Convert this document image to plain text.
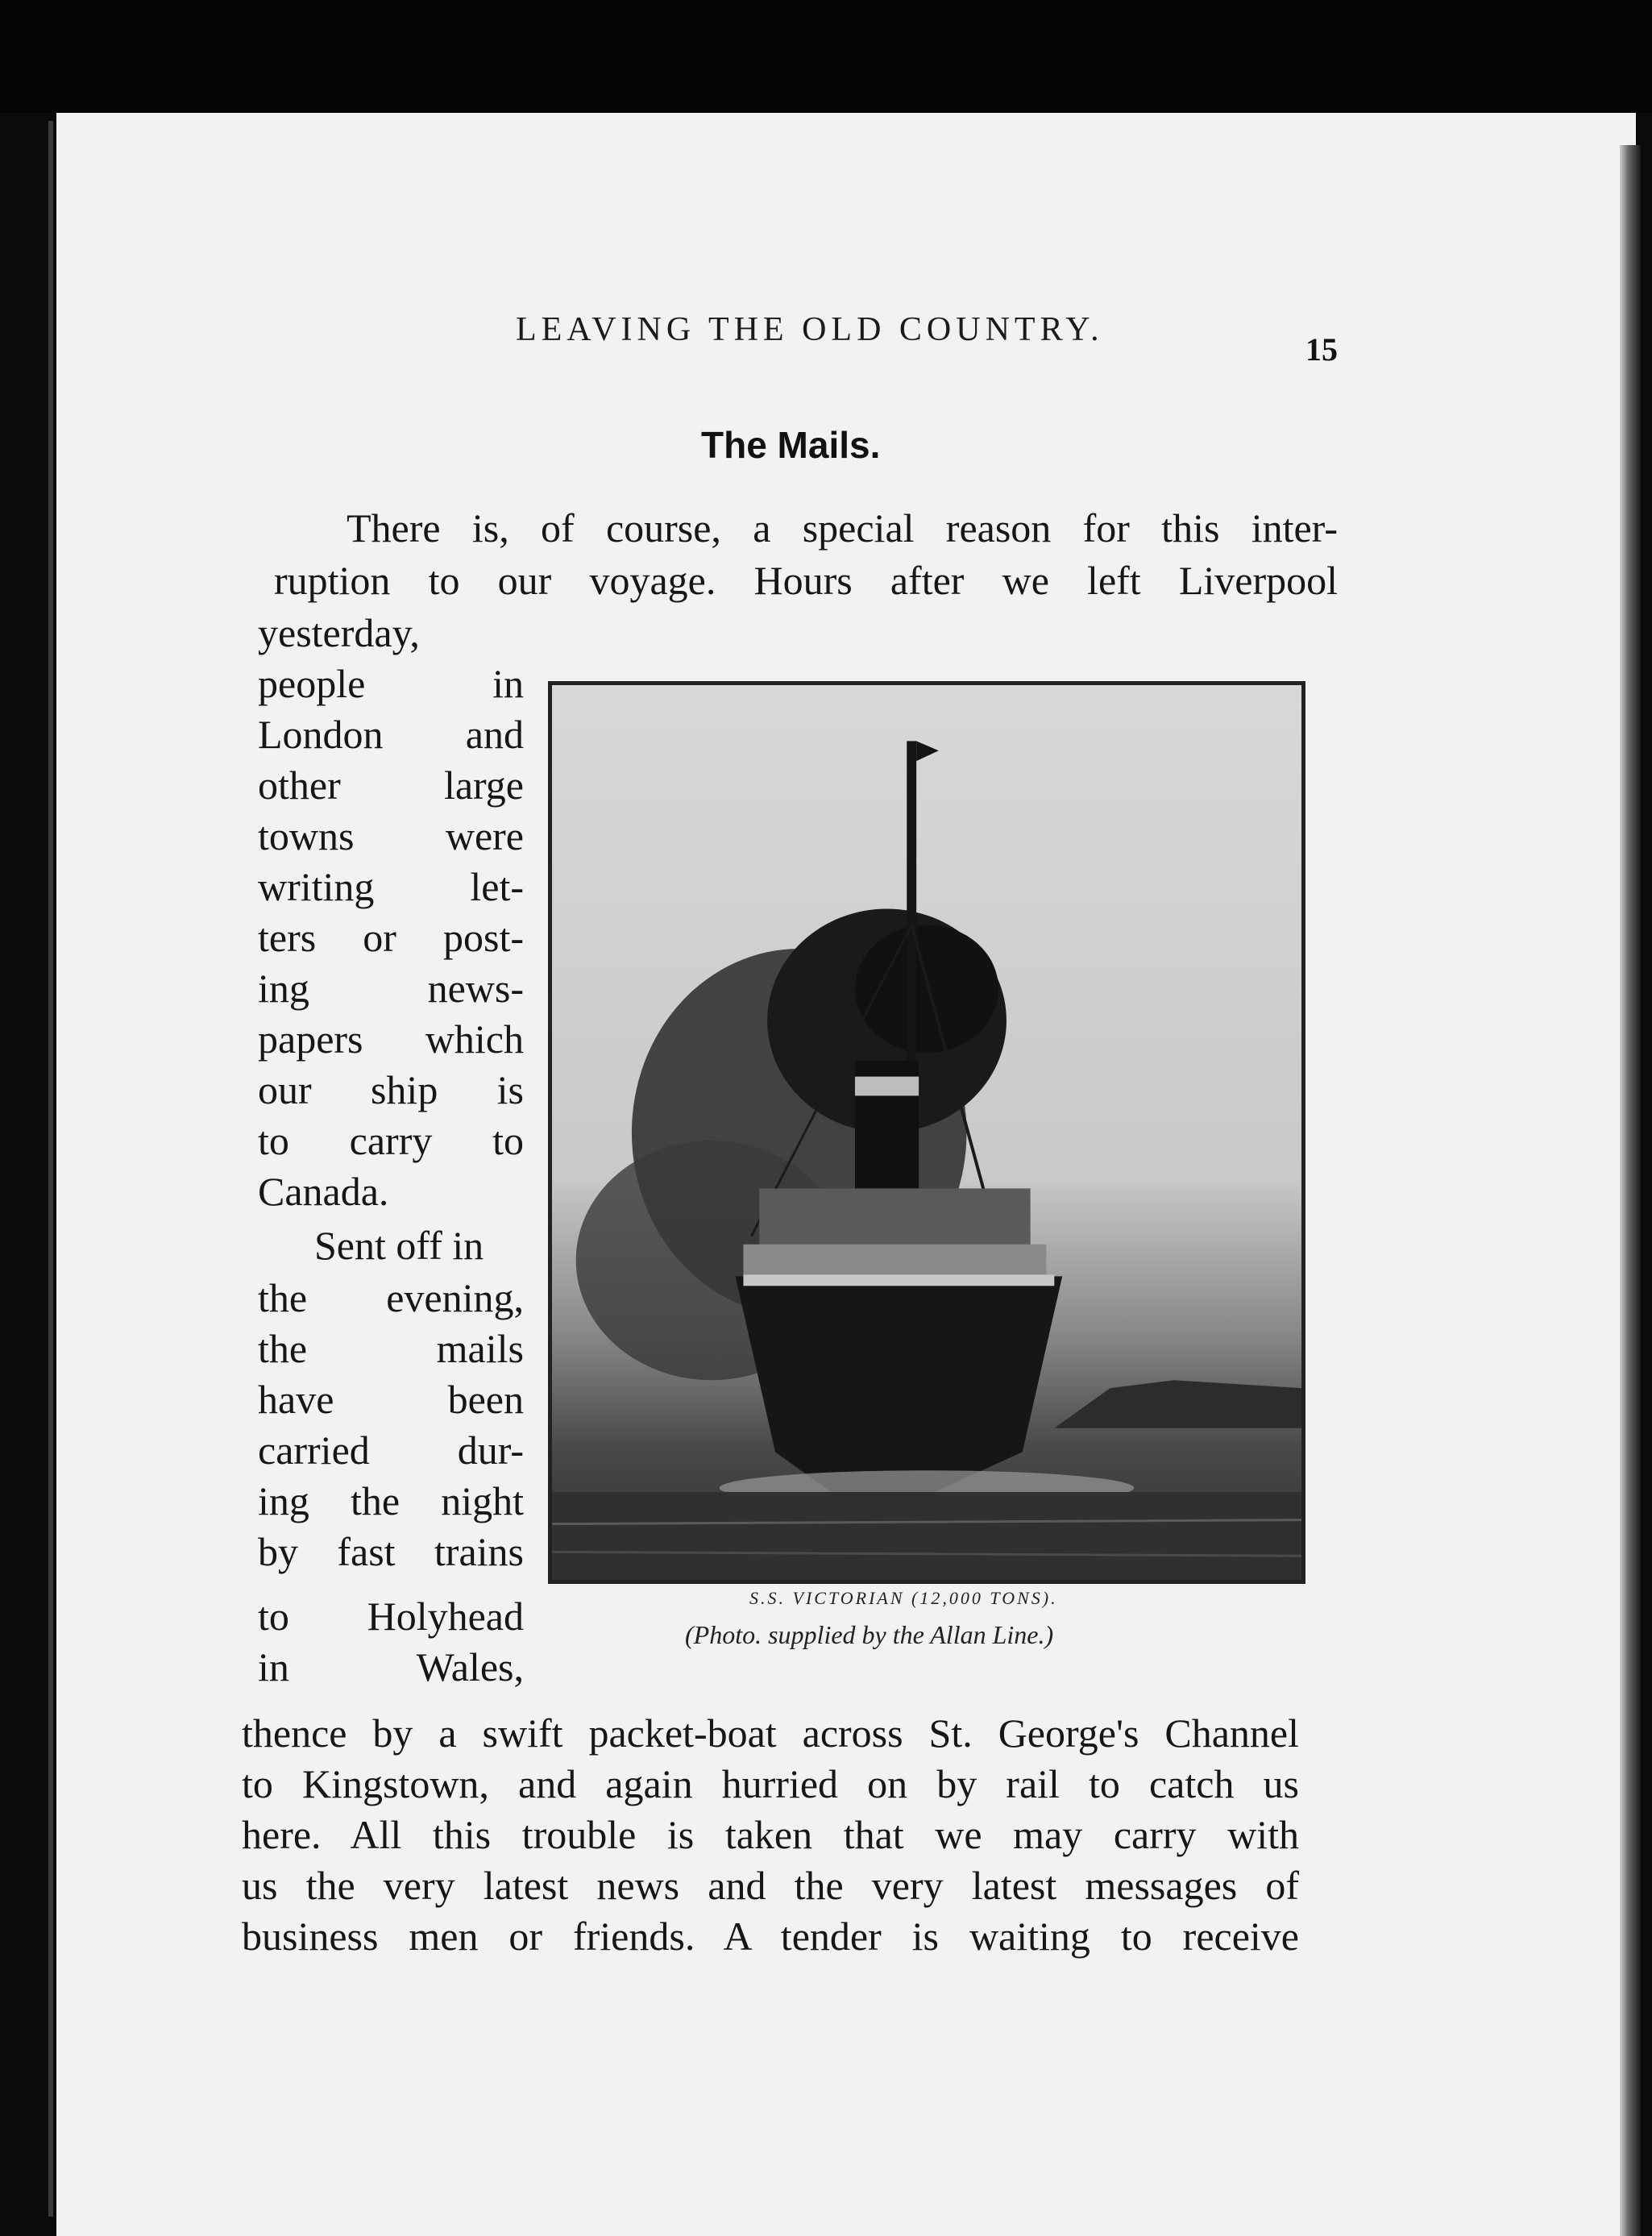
LEAVING THE OLD COUNTRY.
15
The Mails.
There is, of course, a special reason for this inter-
ruption to our voyage. Hours after we left Liverpool
yesterday,
people in
London and
other large
towns were
writing let-
ters or post-
ing news-
papers which
our ship is
to carry to
Canada.
Sent off in
the evening,
the mails
have been
carried dur-
ing the night
by fast trains
to Holyhead
in Wales,
S.S. VICTORIAN (12,000 TONS).
(Photo. supplied by the Allan Line.)
thence by a swift packet-boat across St. George's Channel
to Kingstown, and again hurried on by rail to catch us
here. All this trouble is taken that we may carry with
us the very latest news and the very latest messages of
business men or friends. A tender is waiting to receive
